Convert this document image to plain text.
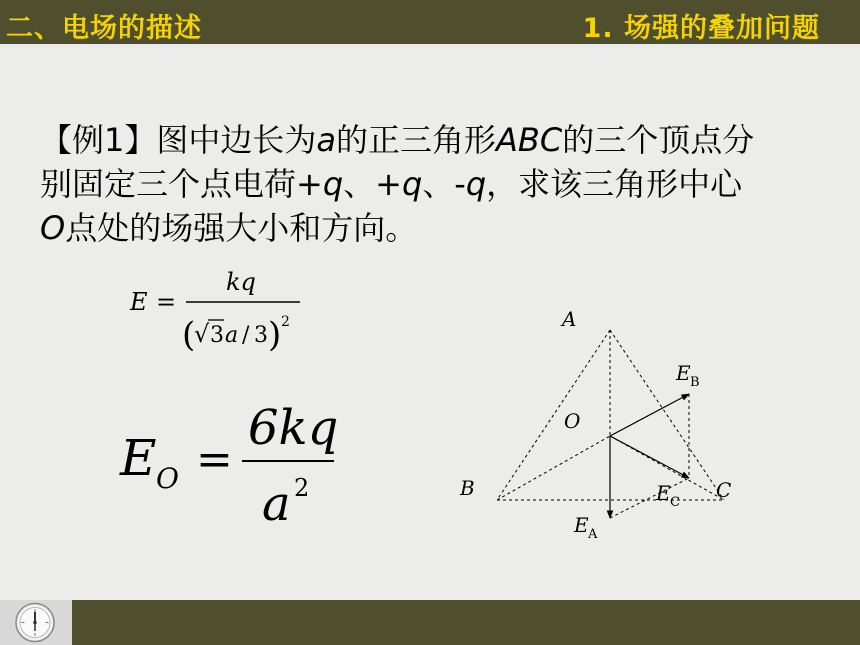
二、电场的描述	1. 场强的叠加问题
【例1】图中边长为a的正三角形ABC的三个顶点分别固定三个点电荷+q、+q、-q，求该三角形中心O点处的场强大小和方向。
E =
kq
(
√ 3 a / 3 ) 2
E O =
6kq
a 2
A
B	C
O
E B
E C
E A
